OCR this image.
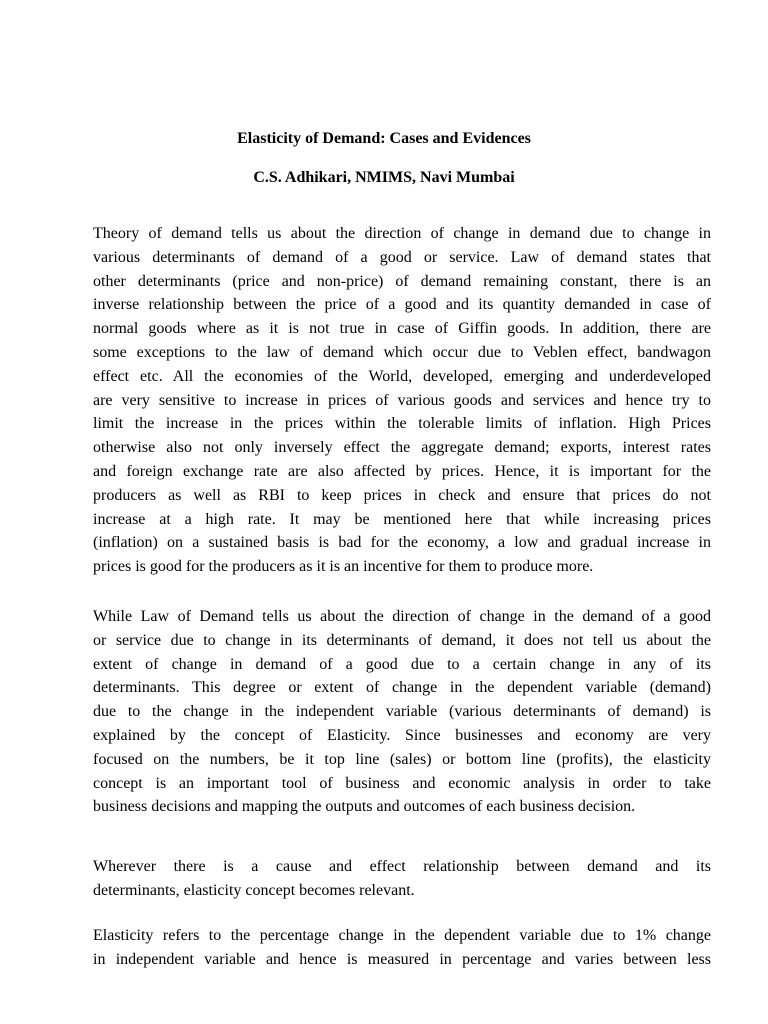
Elasticity of Demand: Cases and Evidences
C.S. Adhikari, NMIMS, Navi Mumbai
Theory of demand tells us about the direction of change in demand due to change in
various determinants of demand of a good or service. Law of demand states that
other determinants (price and non-price) of demand remaining constant, there is an
inverse relationship between the price of a good and its quantity demanded in case of
normal goods where as it is not true in case of Giffin goods. In addition, there are
some exceptions to the law of demand which occur due to Veblen effect, bandwagon
effect etc. All the economies of the World, developed, emerging and underdeveloped
are very sensitive to increase in prices of various goods and services and hence try to
limit the increase in the prices within the tolerable limits of inflation. High Prices
otherwise also not only inversely effect the aggregate demand; exports, interest rates
and foreign exchange rate are also affected by prices. Hence, it is important for the
producers as well as RBI to keep prices in check and ensure that prices do not
increase at a high rate. It may be mentioned here that while increasing prices
(inflation) on a sustained basis is bad for the economy, a low and gradual increase in
prices is good for the producers as it is an incentive for them to produce more.
While Law of Demand tells us about the direction of change in the demand of a good
or service due to change in its determinants of demand, it does not tell us about the
extent of change in demand of a good due to a certain change in any of its
determinants. This degree or extent of change in the dependent variable (demand)
due to the change in the independent variable (various determinants of demand) is
explained by the concept of Elasticity. Since businesses and economy are very
focused on the numbers, be it top line (sales) or bottom line (profits), the elasticity
concept is an important tool of business and economic analysis in order to take
business decisions and mapping the outputs and outcomes of each business decision.
Wherever there is a cause and effect relationship between demand and its
determinants, elasticity concept becomes relevant.
Elasticity refers to the percentage change in the dependent variable due to 1% change
in independent variable and hence is measured in percentage and varies between less
